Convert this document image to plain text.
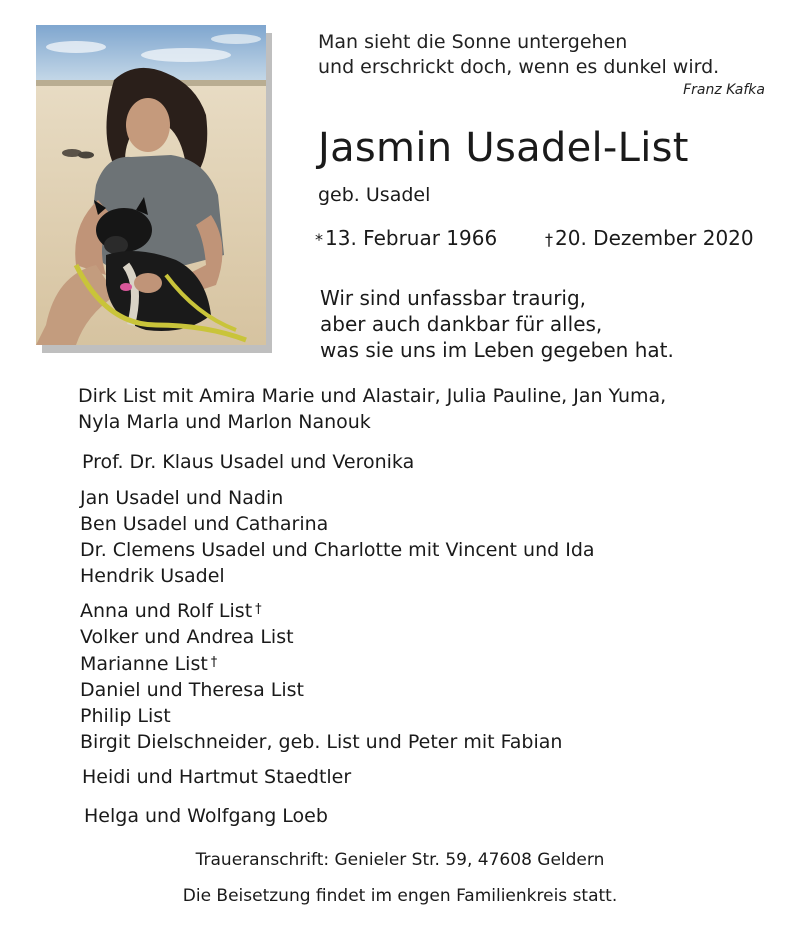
Man sieht die Sonne untergehen
und erschrickt doch, wenn es dunkel wird.
Franz Kafka
Jasmin Usadel-List
geb. Usadel
* 13. Februar 1966	† 20. Dezember 2020
Wir sind unfassbar traurig,
aber auch dankbar für alles,
was sie uns im Leben gegeben hat.
Dirk List mit Amira Marie und Alastair, Julia Pauline, Jan Yuma,
Nyla Marla und Marlon Nanouk
Prof. Dr. Klaus Usadel und Veronika
Jan Usadel und Nadin
Ben Usadel und Catharina
Dr. Clemens Usadel und Charlotte mit Vincent und Ida
Hendrik Usadel
Anna und Rolf List †
Volker und Andrea List
Marianne List †
Daniel und Theresa List
Philip List
Birgit Dielschneider, geb. List und Peter mit Fabian
Heidi und Hartmut Staedtler
Helga und Wolfgang Loeb
Traueranschrift: Genieler Str. 59, 47608 Geldern
Die Beisetzung findet im engen Familienkreis statt.
